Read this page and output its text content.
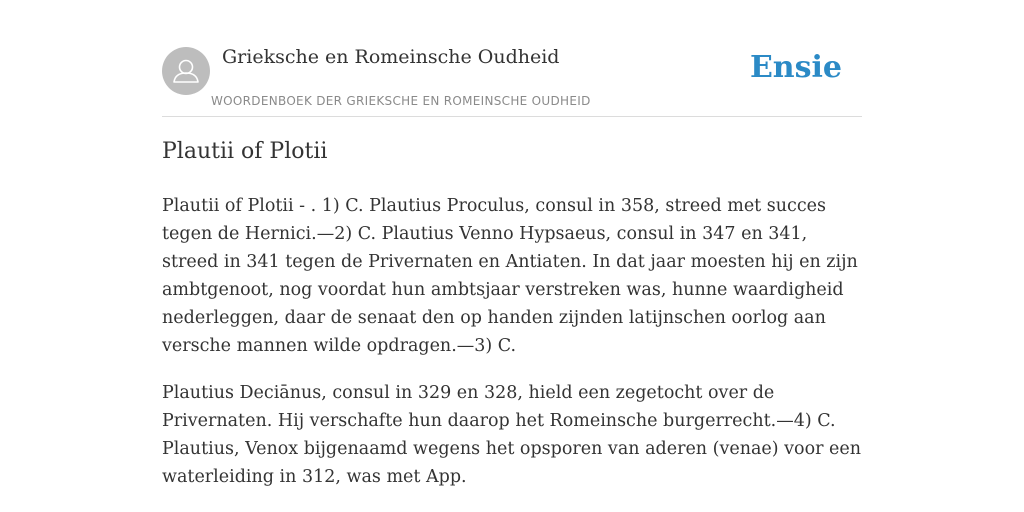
Grieksche en Romeinsche Oudheid
WOORDENBOEK DER GRIEKSCHE EN ROMEINSCHE OUDHEID
Ensie
Plautii of Plotii

Plautii of Plotii - . 1) C. Plautius Proculus, consul in 358, streed met succes tegen de Hernici.—2) C. Plautius Venno Hypsaeus, consul in 347 en 341, streed in 341 tegen de Privernaten en Antiaten. In dat jaar moesten hij en zijn ambtgenoot, nog voordat hun ambtsjaar verstreken was, hunne waardigheid nederleggen, daar de senaat den op handen zijnden latijnschen oorlog aan versche mannen wilde opdragen.—3) C.

Plautius Deciānus, consul in 329 en 328, hield een zegetocht over de Privernaten. Hij verschafte hun daarop het Romeinsche burgerrecht.—4) C. Plautius, Venox bijgenaamd wegens het opsporen van aderen (venae) voor een waterleiding in 312, was met App.
